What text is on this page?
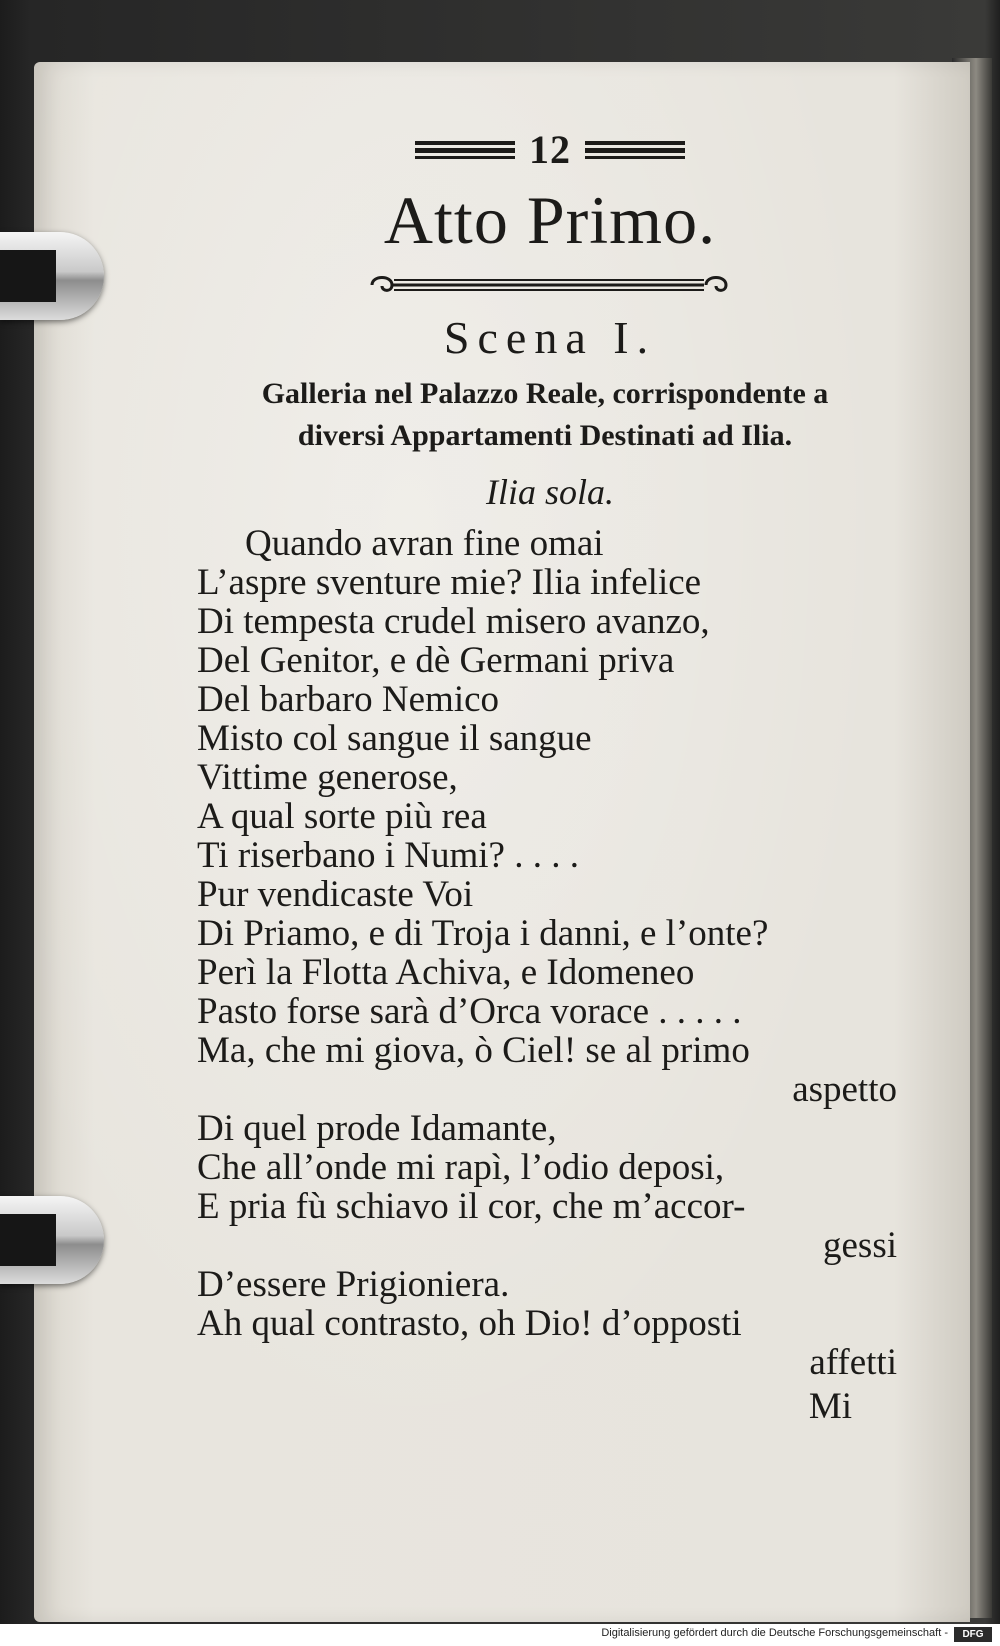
12
Atto Primo.
Scena I.
Galleria nel Palazzo Reale, corrispondente a
diversi Appartamenti Destinati ad Ilia.
Ilia sola.
Quando avran fine omai
L’aspre sventure mie? Ilia infelice
Di tempesta crudel misero avanzo,
Del Genitor, e dè Germani priva
Del barbaro Nemico
Misto col sangue il sangue
Vittime generose,
A qual sorte più rea
Ti riserbano i Numi? . . . .
Pur vendicaste Voi
Di Priamo, e di Troja i danni, e l’onte?
Perì la Flotta Achiva, e Idomeneo
Pasto forse sarà d’Orca vorace . . . . .
Ma, che mi giova, ò Ciel! se al primo
aspetto
Di quel prode Idamante,
Che all’onde mi rapì, l’odio deposi,
E pria fù schiavo il cor, che m’accor-
gessi
D’essere Prigioniera.
Ah qual contrasto, oh Dio! d’opposti
affetti
Mi
Digitalisierung gefördert durch die Deutsche Forschungsgemeinschaft -	DFG
